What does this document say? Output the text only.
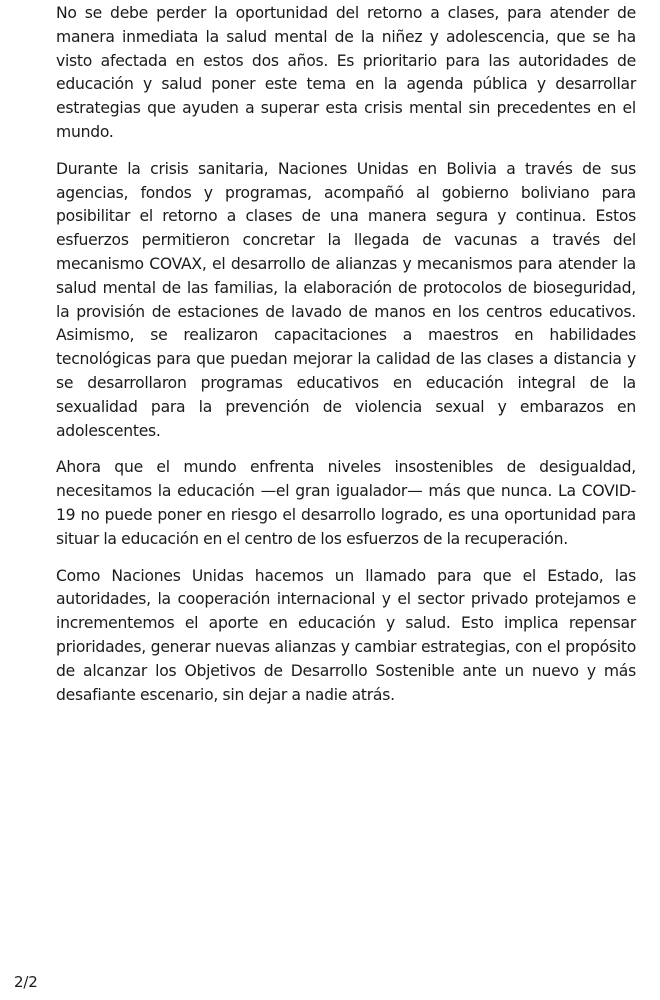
No se debe perder la oportunidad del retorno a clases, para atender de manera inmediata la salud mental de la niñez y adolescencia, que se ha visto afectada en estos dos años. Es prioritario para las autoridades de educación y salud poner este tema en la agenda pública y desarrollar estrategias que ayuden a superar esta crisis mental sin precedentes en el mundo.

Durante la crisis sanitaria, Naciones Unidas en Bolivia a través de sus agencias, fondos y programas, acompañó al gobierno boliviano para posibilitar el retorno a clases de una manera segura y continua. Estos esfuerzos permitieron concretar la llegada de vacunas a través del mecanismo COVAX, el desarrollo de alianzas y mecanismos para atender la salud mental de las familias, la elaboración de protocolos de bioseguridad, la provisión de estaciones de lavado de manos en los centros educativos. Asimismo, se realizaron capacitaciones a maestros en habilidades tecnológicas para que puedan mejorar la calidad de las clases a distancia y se desarrollaron programas educativos en educación integral de la sexualidad para la prevención de violencia sexual y embarazos en adolescentes.

Ahora que el mundo enfrenta niveles insostenibles de desigualdad, necesitamos la educación —el gran igualador— más que nunca. La COVID-19 no puede poner en riesgo el desarrollo logrado, es una oportunidad para situar la educación en el centro de los esfuerzos de la recuperación.

Como Naciones Unidas hacemos un llamado para que el Estado, las autoridades, la cooperación internacional y el sector privado protejamos e incrementemos el aporte en educación y salud. Esto implica repensar prioridades, generar nuevas alianzas y cambiar estrategias, con el propósito de alcanzar los Objetivos de Desarrollo Sostenible ante un nuevo y más desafiante escenario, sin dejar a nadie atrás.

2/2
